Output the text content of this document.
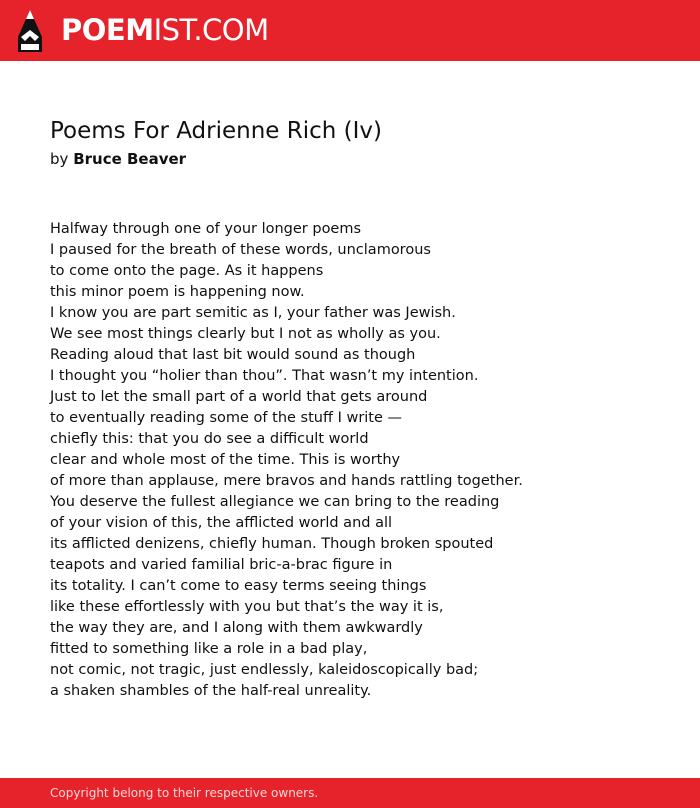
POEMIST.COM
Poems For Adrienne Rich (Iv)
by Bruce Beaver
Halfway through one of your longer poems
I paused for the breath of these words, unclamorous
to come onto the page. As it happens
this minor poem is happening now.
I know you are part semitic as I, your father was Jewish.
We see most things clearly but I not as wholly as you.
Reading aloud that last bit would sound as though
I thought you “holier than thou”. That wasn’t my intention.
Just to let the small part of a world that gets around
to eventually reading some of the stuff I write —
chiefly this: that you do see a difficult world
clear and whole most of the time. This is worthy
of more than applause, mere bravos and hands rattling together.
You deserve the fullest allegiance we can bring to the reading
of your vision of this, the afflicted world and all
its afflicted denizens, chiefly human. Though broken spouted
teapots and varied familial bric-a-brac figure in
its totality. I can’t come to easy terms seeing things
like these effortlessly with you but that’s the way it is,
the way they are, and I along with them awkwardly
fitted to something like a role in a bad play,
not comic, not tragic, just endlessly, kaleidoscopically bad;
a shaken shambles of the half-real unreality.
Copyright belong to their respective owners.
